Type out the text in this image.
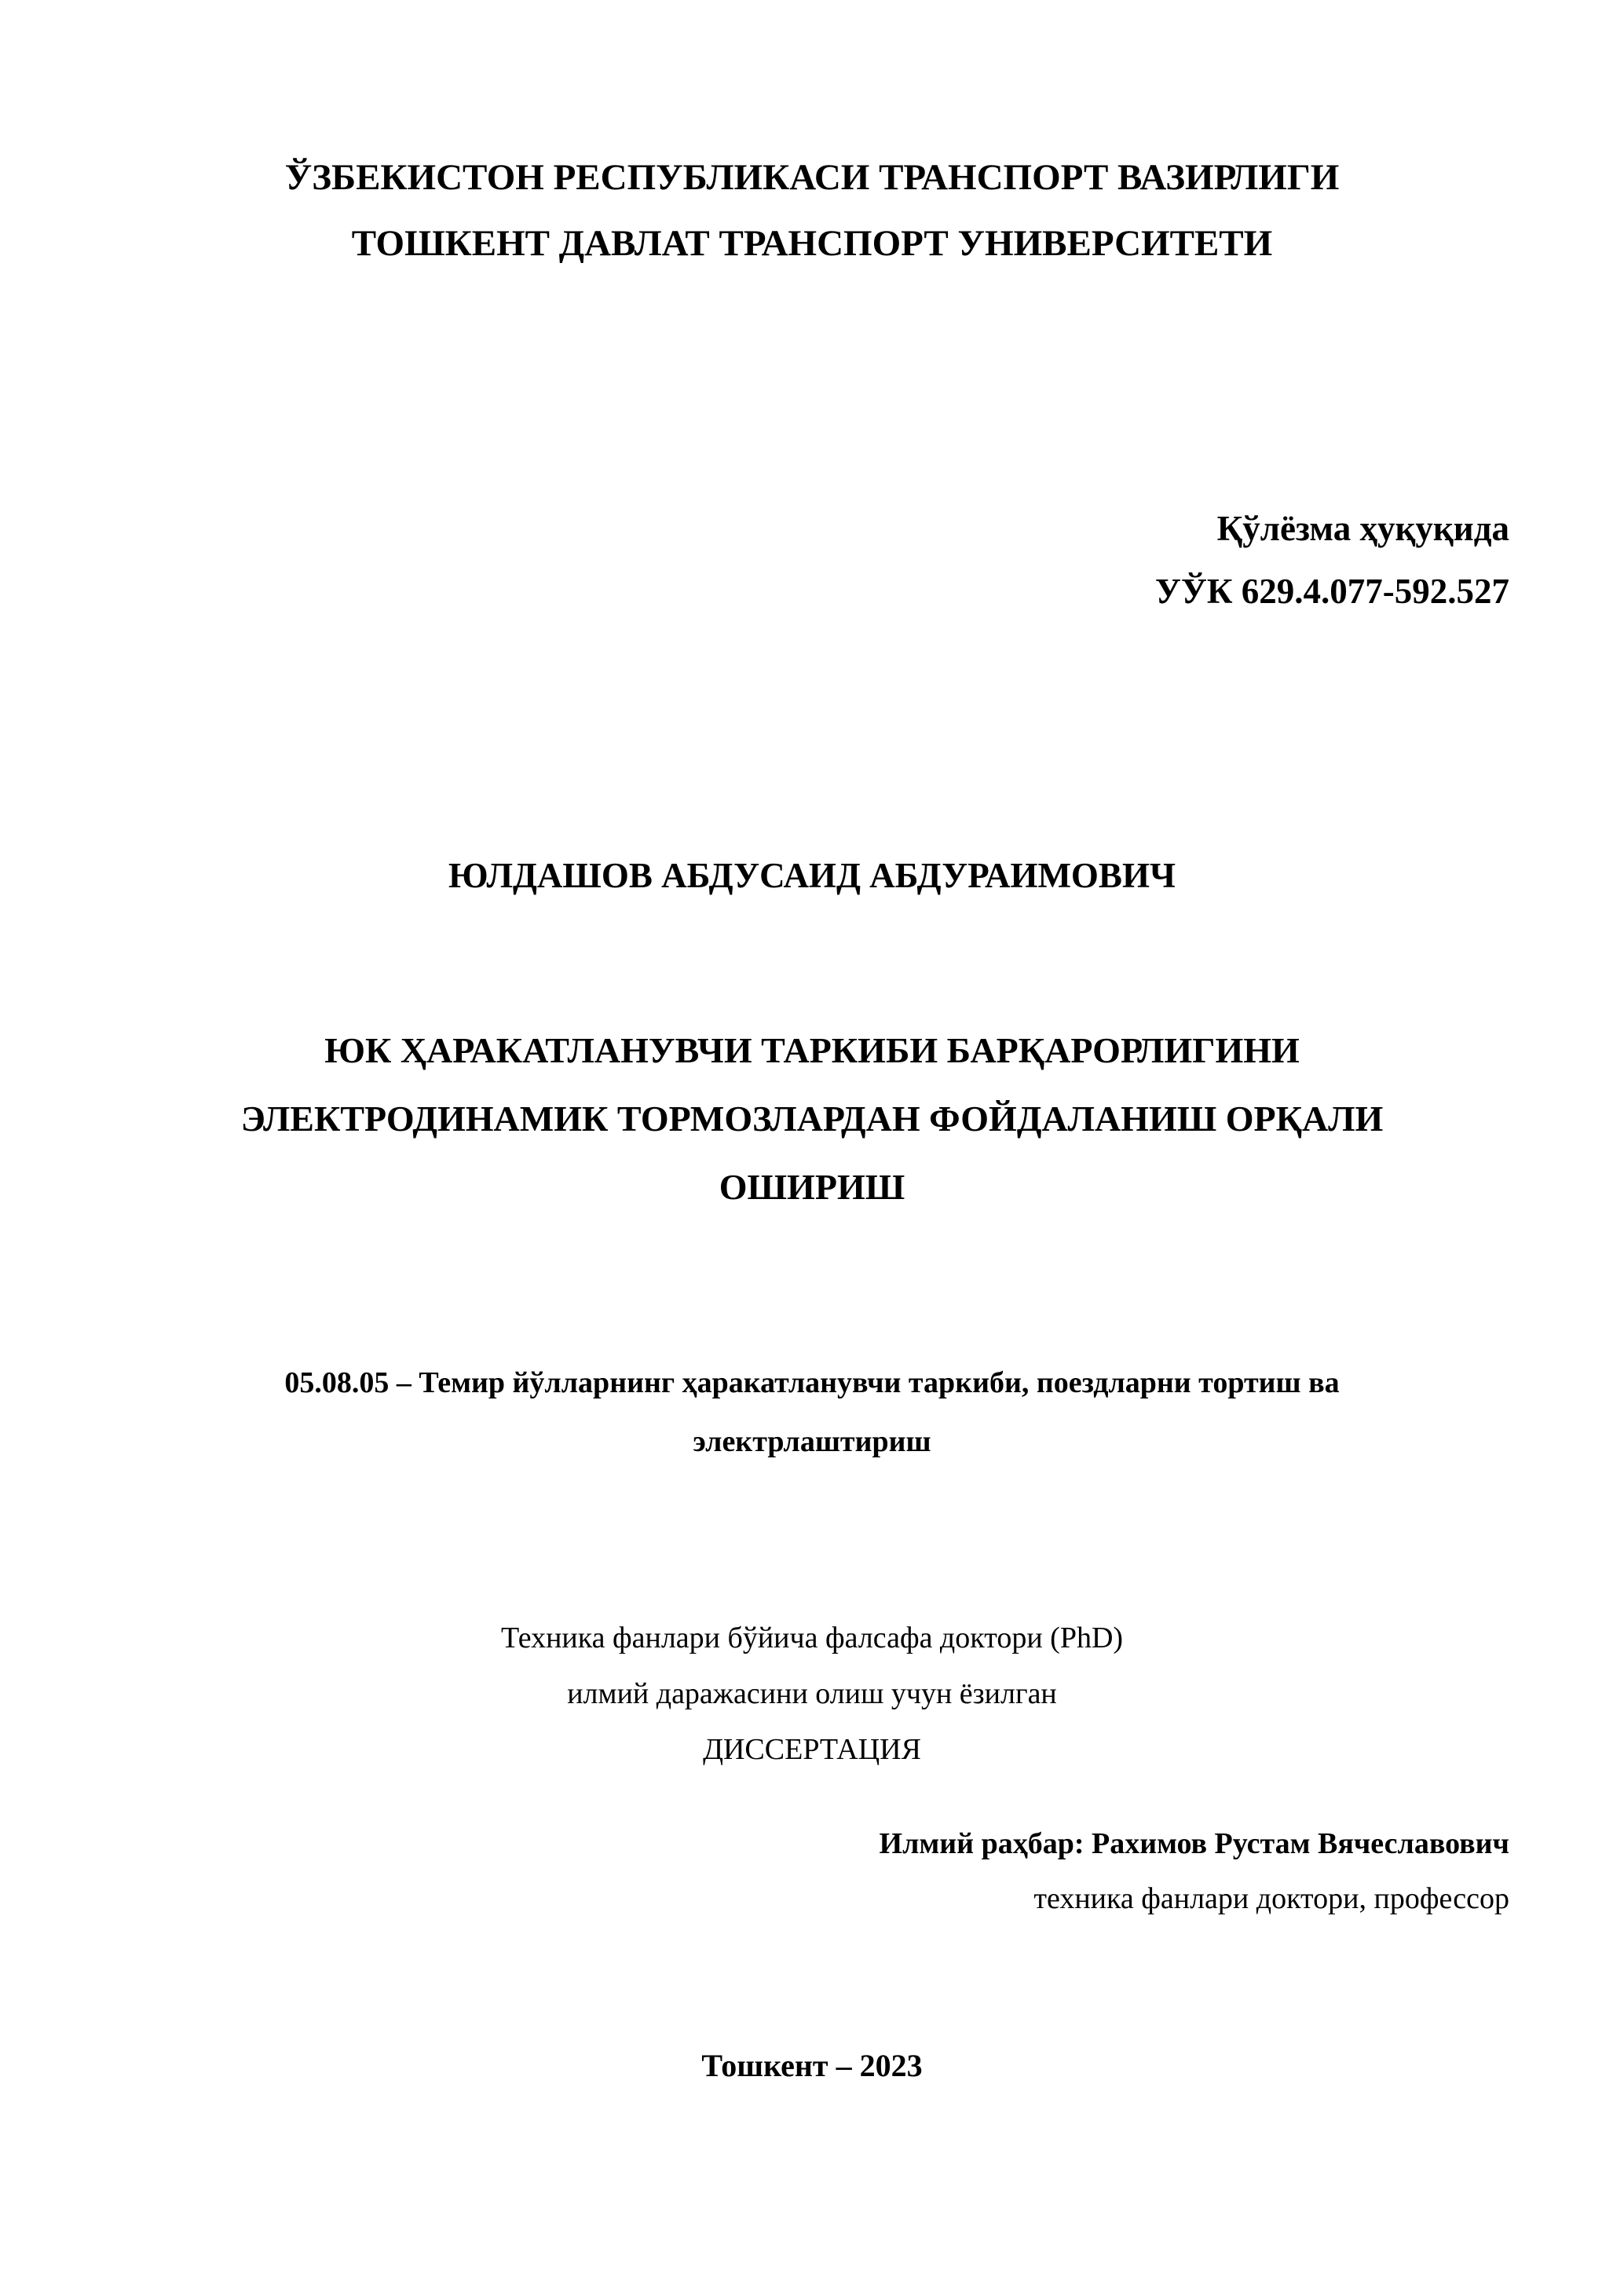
ЎЗБЕКИСТОН РЕСПУБЛИКАСИ ТРАНСПОРТ ВАЗИРЛИГИ
ТОШКЕНТ ДАВЛАТ ТРАНСПОРТ УНИВЕРСИТЕТИ
Қўлёзма ҳуқуқида
УЎК 629.4.077-592.527
ЮЛДАШОВ АБДУСАИД АБДУРАИМОВИЧ
ЮК ҲАРАКАТЛАНУВЧИ ТАРКИБИ БАРҚАРОРЛИГИНИ
ЭЛЕКТРОДИНАМИК ТОРМОЗЛАРДАН ФОЙДАЛАНИШ ОРҚАЛИ
ОШИРИШ
05.08.05 – Темир йўлларнинг ҳаракатланувчи таркиби, поездларни тортиш ва
электрлаштириш
Техника фанлари бўйича фалсафа доктори (PhD)
илмий даражасини олиш учун ёзилган
ДИССЕРТАЦИЯ
Илмий раҳбар: Рахимов Рустам Вячеславович
техника фанлари доктори, профессор
Тошкент – 2023
